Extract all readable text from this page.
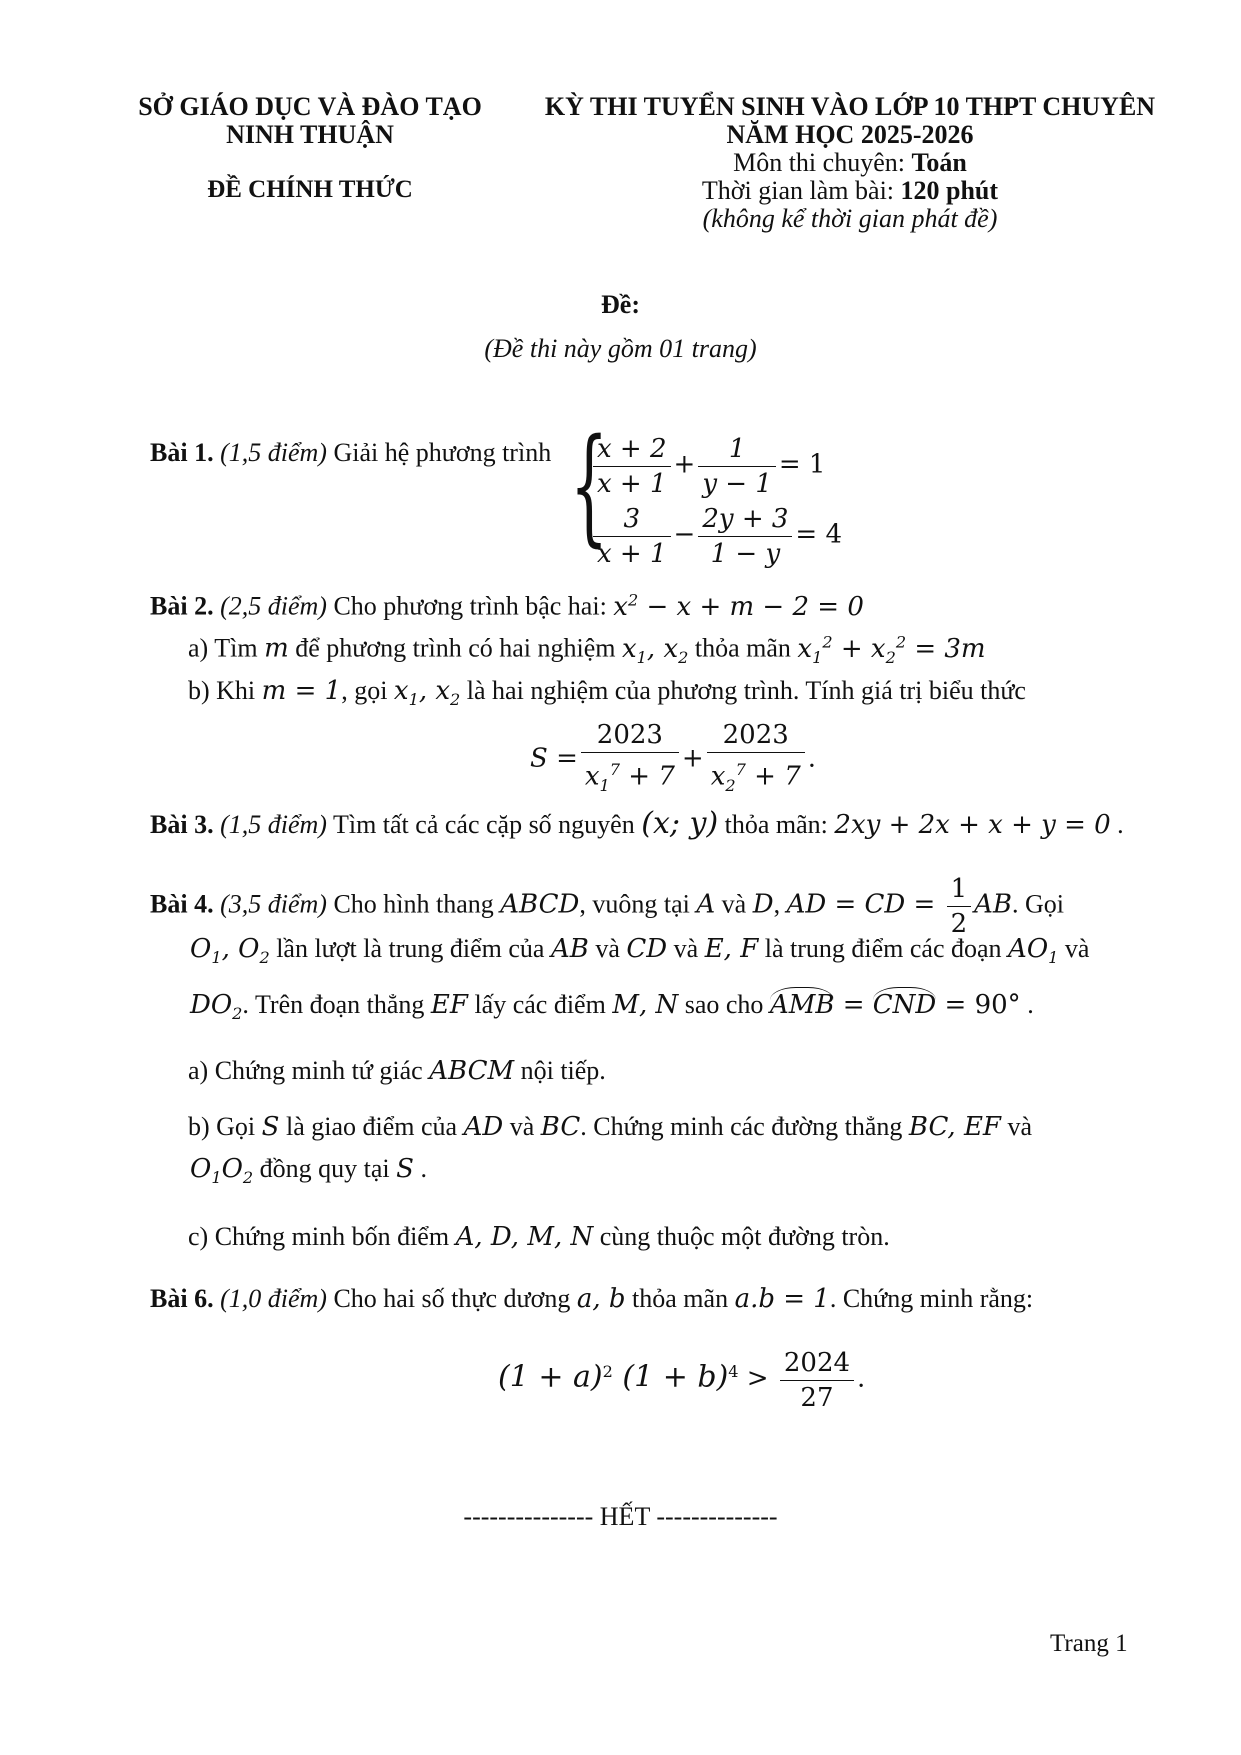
SỞ GIÁO DỤC VÀ ĐÀO TẠO
NINH THUẬN
ĐỀ CHÍNH THỨC
KỲ THI TUYỂN SINH VÀO LỚP 10 THPT CHUYÊN
NĂM HỌC 2025-2026
Môn thi chuyên: Toán
Thời gian làm bài: 120 phút
(không kể thời gian phát đề)
Đề:
(Đề thi này gồm 01 trang)
Bài 1. (1,5 điểm) Giải hệ phương trình {
$\frac{x + 2}{x + 1} + \frac{1}{y - 1} = 1$
$\frac{3}{x + 1} - \frac{2y + 3}{1 - y} = 4$
Bài 2. (2,5 điểm) Cho phương trình bậc hai: $x^2 - x + m - 2 = 0$
a) Tìm m để phương trình có hai nghiệm $x_1$, $x_2$ thỏa mãn $x_1^2 + x_2^2 = 3m$
b) Khi m = 1, gọi $x_1$, $x_2$ là hai nghiệm của phương trình. Tính giá trị biểu thức
$S = \frac{2023}{x_1^7 + 7} + \frac{2023}{x_2^7 + 7}$ .
Bài 3. (1,5 điểm) Tìm tất cả các cặp số nguyên (x; y) thỏa mãn: 2xy + 2x + x + y = 0 .
Bài 4. (3,5 điểm) Cho hình thang ABCD, vuông tại A và D, AD = CD = $\frac{1}{2}$ AB. Gọi
$O_1$, $O_2$ lần lượt là trung điểm của AB và CD và E, F là trung điểm các đoạn $AO_1$ và
$DO_2$. Trên đoạn thẳng EF lấy các điểm M, N sao cho AMB = CND = 90° .
a) Chứng minh tứ giác ABCM nội tiếp.
b) Gọi S là giao điểm của AD và BC. Chứng minh các đường thẳng BC, EF và
$O_1O_2$ đồng quy tại S .
c) Chứng minh bốn điểm A, D, M, N cùng thuộc một đường tròn.
Bài 6. (1,0 điểm) Cho hai số thực dương a, b thỏa mãn a.b = 1. Chứng minh rằng:
$(1 + a)^2$ $(1 + b)^4 > \frac{2024}{27}$ .
--------------- HẾT --------------
Trang 1
